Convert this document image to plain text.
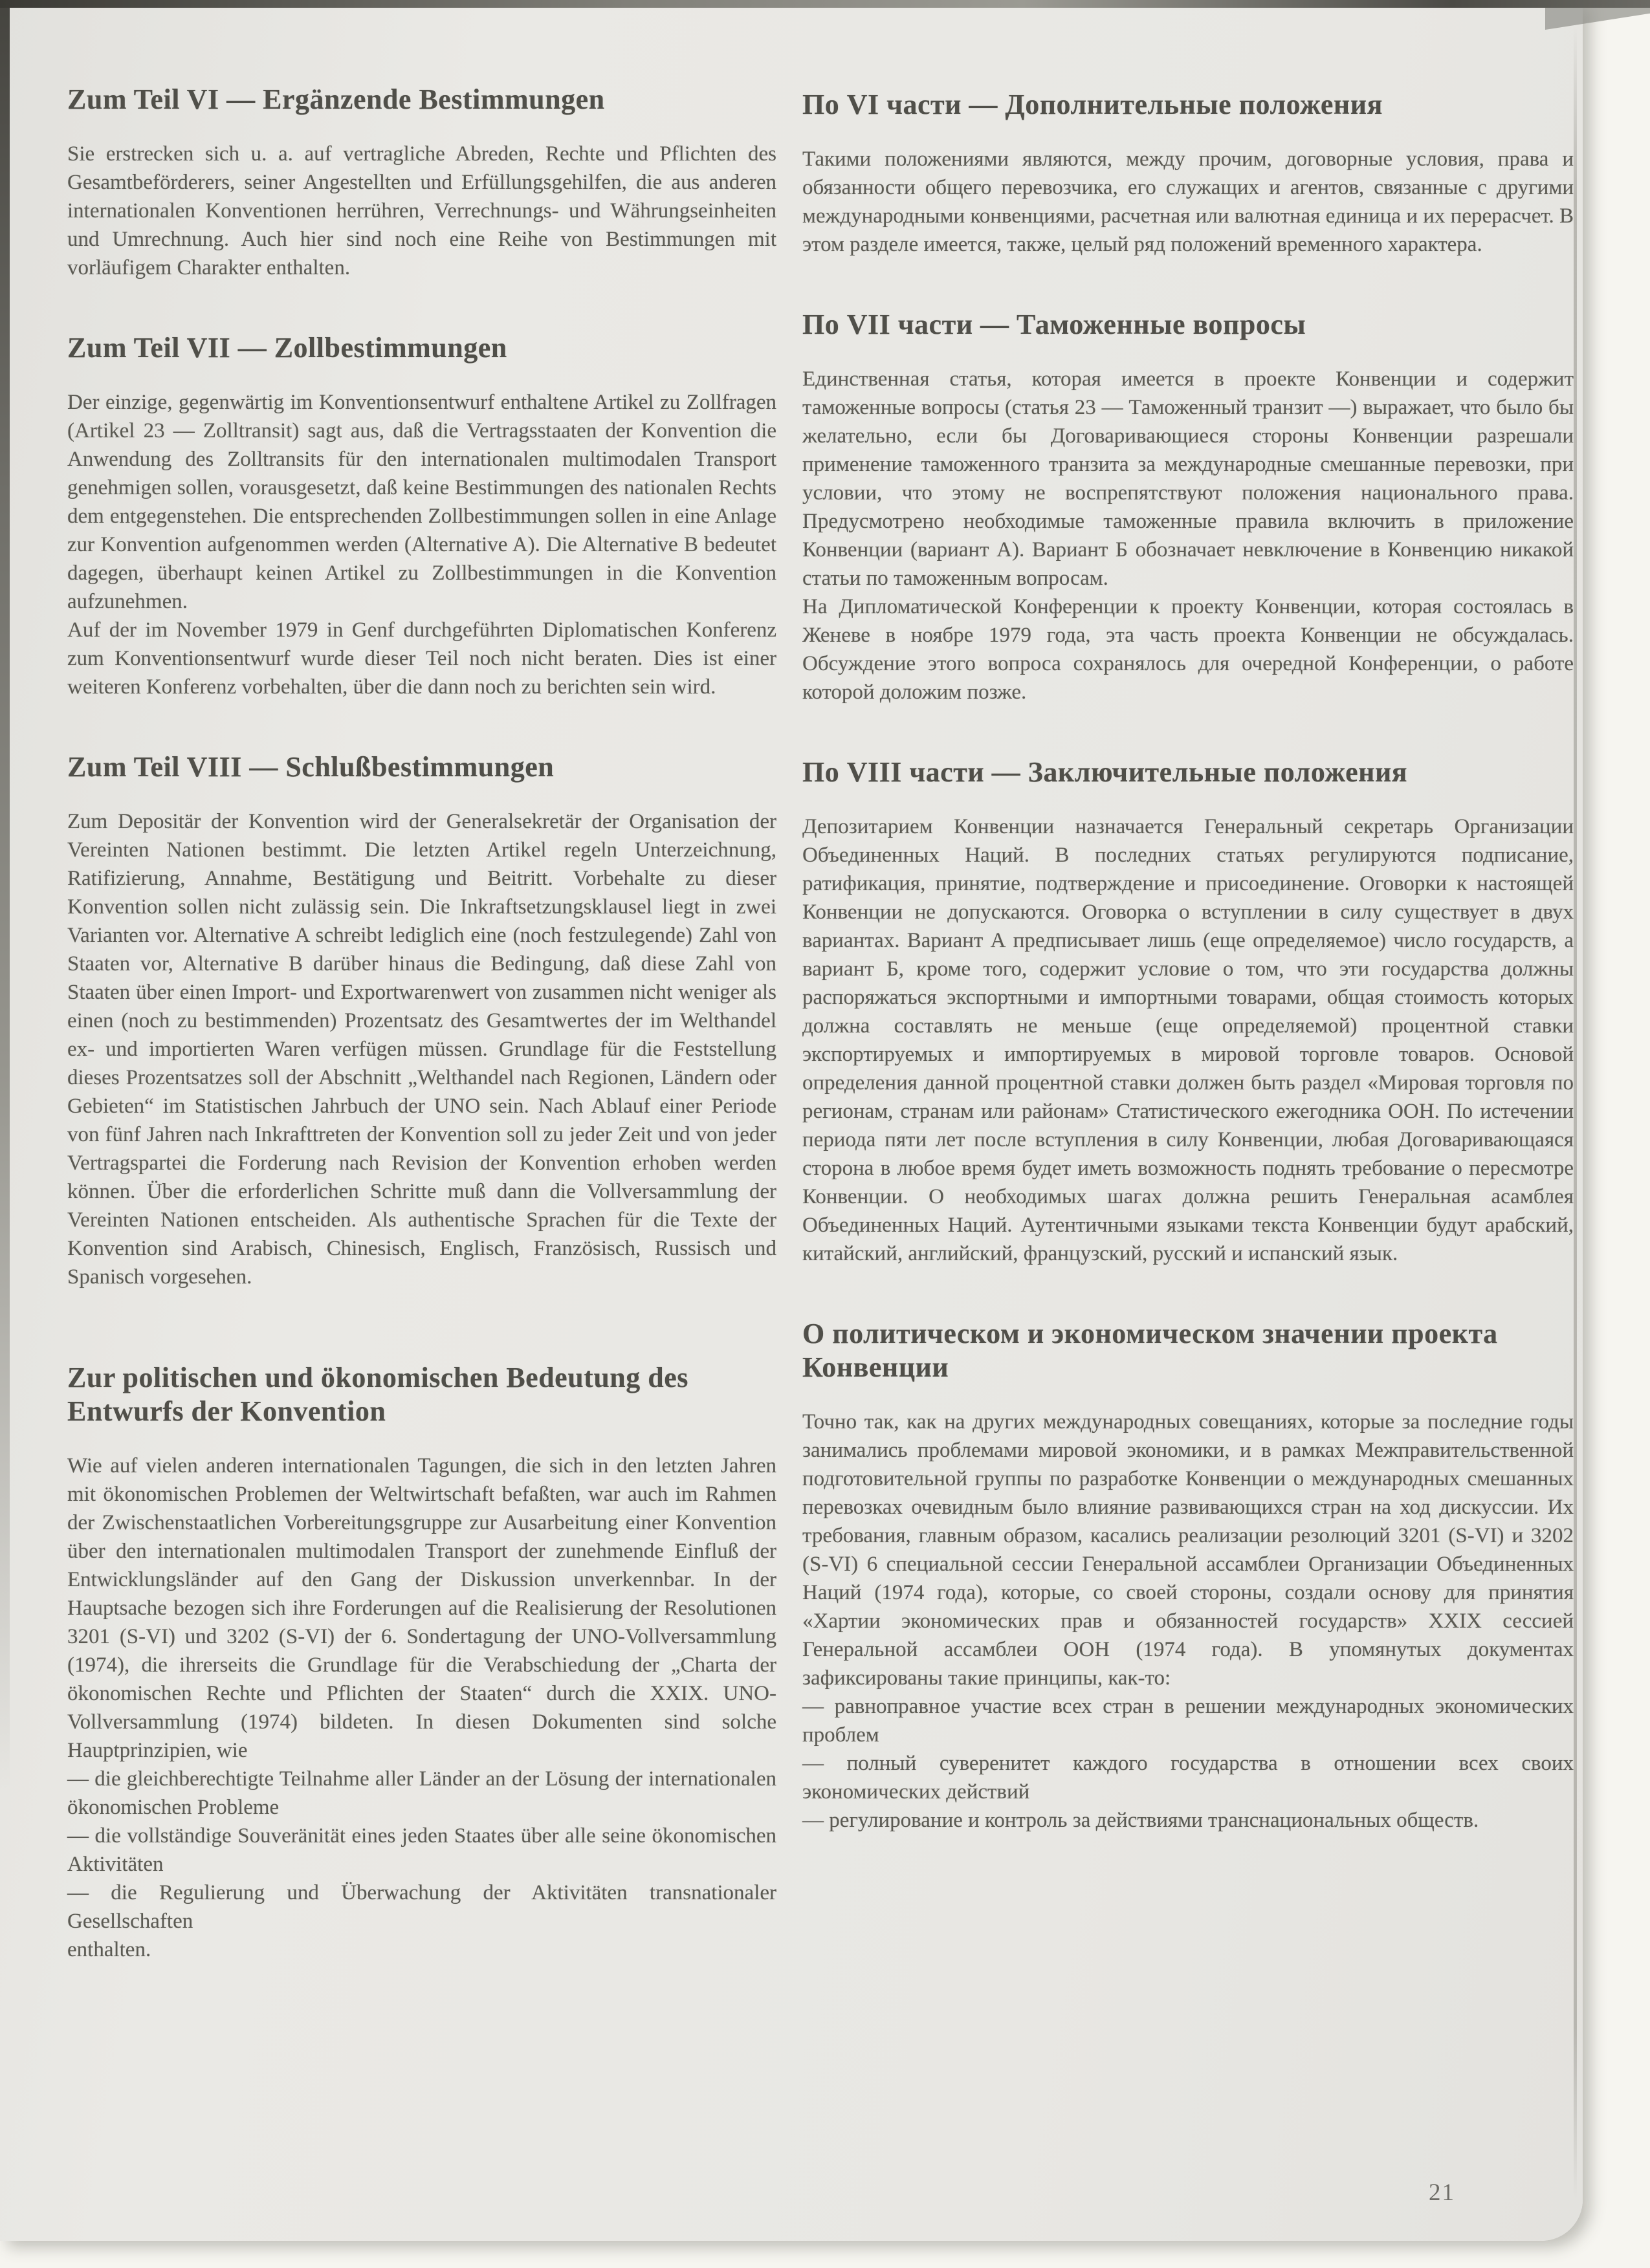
Zum Teil VI — Ergänzende Bestimmungen

Sie erstrecken sich u. a. auf vertragliche Abreden, Rechte und Pflichten des Gesamtbeförderers, seiner Angestellten und Erfüllungsgehilfen, die aus anderen internationalen Konventionen herrühren, Verrechnungs- und Währungseinheiten und Umrechnung. Auch hier sind noch eine Reihe von Bestimmungen mit vorläufigem Charakter enthalten.

Zum Teil VII — Zollbestimmungen

Der einzige, gegenwärtig im Konventionsentwurf enthaltene Artikel zu Zollfragen (Artikel 23 — Zolltransit) sagt aus, daß die Vertragsstaaten der Konvention die Anwendung des Zolltransits für den internationalen multimodalen Transport genehmigen sollen, vorausgesetzt, daß keine Bestimmungen des nationalen Rechts dem entgegenstehen. Die entsprechenden Zollbestimmungen sollen in eine Anlage zur Konvention aufgenommen werden (Alternative A). Die Alternative B bedeutet dagegen, überhaupt keinen Artikel zu Zollbestimmungen in die Konvention aufzunehmen.

Auf der im November 1979 in Genf durchgeführten Diplomatischen Konferenz zum Konventionsentwurf wurde dieser Teil noch nicht beraten. Dies ist einer weiteren Konferenz vorbehalten, über die dann noch zu berichten sein wird.

Zum Teil VIII — Schlußbestimmungen

Zum Depositär der Konvention wird der Generalsekretär der Organisation der Vereinten Nationen bestimmt. Die letzten Artikel regeln Unterzeichnung, Ratifizierung, Annahme, Bestätigung und Beitritt. Vorbehalte zu dieser Konvention sollen nicht zulässig sein. Die Inkraftsetzungsklausel liegt in zwei Varianten vor. Alternative A schreibt lediglich eine (noch festzulegende) Zahl von Staaten vor, Alternative B darüber hinaus die Bedingung, daß diese Zahl von Staaten über einen Import- und Exportwarenwert von zusammen nicht weniger als einen (noch zu bestimmenden) Prozentsatz des Gesamtwertes der im Welthandel ex- und importierten Waren verfügen müssen. Grundlage für die Feststellung dieses Prozentsatzes soll der Abschnitt „Welthandel nach Regionen, Ländern oder Gebieten“ im Statistischen Jahrbuch der UNO sein. Nach Ablauf einer Periode von fünf Jahren nach Inkrafttreten der Konvention soll zu jeder Zeit und von jeder Vertragspartei die Forderung nach Revision der Konvention erhoben werden können. Über die erforderlichen Schritte muß dann die Vollversammlung der Vereinten Nationen entscheiden. Als authentische Sprachen für die Texte der Konvention sind Arabisch, Chinesisch, Englisch, Französisch, Russisch und Spanisch vorgesehen.

Zur politischen und ökonomischen Bedeutung des Entwurfs der Konvention

Wie auf vielen anderen internationalen Tagungen, die sich in den letzten Jahren mit ökonomischen Problemen der Weltwirtschaft befaßten, war auch im Rahmen der Zwischenstaatlichen Vorbereitungsgruppe zur Ausarbeitung einer Konvention über den internationalen multimodalen Transport der zunehmende Einfluß der Entwicklungsländer auf den Gang der Diskussion unverkennbar. In der Hauptsache bezogen sich ihre Forderungen auf die Realisierung der Resolutionen 3201 (S-VI) und 3202 (S-VI) der 6. Sondertagung der UNO-Vollversammlung (1974), die ihrerseits die Grundlage für die Verabschiedung der „Charta der ökonomischen Rechte und Pflichten der Staaten“ durch die XXIX. UNO-Vollversammlung (1974) bildeten. In diesen Dokumenten sind solche Hauptprinzipien, wie

— die gleichberechtigte Teilnahme aller Länder an der Lösung der internationalen ökonomischen Probleme

— die vollständige Souveränität eines jeden Staates über alle seine ökonomischen Aktivitäten

— die Regulierung und Überwachung der Aktivitäten transnationaler Gesellschaften

enthalten.

По VI части — Дополнительные положения

Такими положениями являются, между прочим, договорные условия, права и обязанности общего перевозчика, его служащих и агентов, связанные с другими международными конвенциями, расчетная или валютная единица и их перерасчет. В этом разделе имеется, также, целый ряд положений временного характера.

По VII части — Таможенные вопросы

Единственная статья, которая имеется в проекте Конвенции и содержит таможенные вопросы (статья 23 — Таможенный транзит —) выражает, что было бы желательно, если бы Договаривающиеся стороны Конвенции разрешали применение таможенного транзита за международные смешанные перевозки, при условии, что этому не воспрепятствуют положения национального права. Предусмотрено необходимые таможенные правила включить в приложение Конвенции (вариант А). Вариант Б обозначает невключение в Конвенцию никакой статьи по таможенным вопросам.

На Дипломатической Конференции к проекту Конвенции, которая состоялась в Женеве в ноябре 1979 года, эта часть проекта Конвенции не обсуждалась. Обсуждение этого вопроса сохранялось для очередной Конференции, о работе которой доложим позже.

По VIII части — Заключительные положения

Депозитарием Конвенции назначается Генеральный секретарь Организации Объединенных Наций. В последних статьях регулируются подписание, ратификация, принятие, подтверждение и присоединение. Оговорки к настоящей Конвенции не допускаются. Оговорка о вступлении в силу существует в двух вариантах. Вариант А предписывает лишь (еще определяемое) число государств, а вариант Б, кроме того, содержит условие о том, что эти государства должны распоряжаться экспортными и импортными товарами, общая стоимость которых должна составлять не меньше (еще определяемой) процентной ставки экспортируемых и импортируемых в мировой торговле товаров. Основой определения данной процентной ставки должен быть раздел «Мировая торговля по регионам, странам или районам» Статистического ежегодника ООН. По истечении периода пяти лет после вступления в силу Конвенции, любая Договаривающаяся сторона в любое время будет иметь возможность поднять требование о пересмотре Конвенции. О необходимых шагах должна решить Генеральная асамблея Объединенных Наций. Аутентичными языками текста Конвенции будут арабский, китайский, английский, французский, русский и испанский язык.

О политическом и экономическом значении проекта Конвенции

Точно так, как на других международных совещаниях, которые за последние годы занимались проблемами мировой экономики, и в рамках Межправительственной подготовительной группы по разработке Конвенции о международных смешанных перевозках очевидным было влияние развивающихся стран на ход дискуссии. Их требования, главным образом, касались реализации резолюций 3201 (S-VI) и 3202 (S-VI) 6 специальной сессии Генеральной ассамблеи Организации Объединенных Наций (1974 года), которые, со своей стороны, создали основу для принятия «Хартии экономических прав и обязанностей государств» XXIX сессией Генеральной ассамблеи ООН (1974 года). В упомянутых документах зафиксированы такие принципы, как-то:

— равноправное участие всех стран в решении международных экономических проблем

— полный суверенитет каждого государства в отношении всех своих экономических действий

— регулирование и контроль за действиями транснациональных обществ.

21
